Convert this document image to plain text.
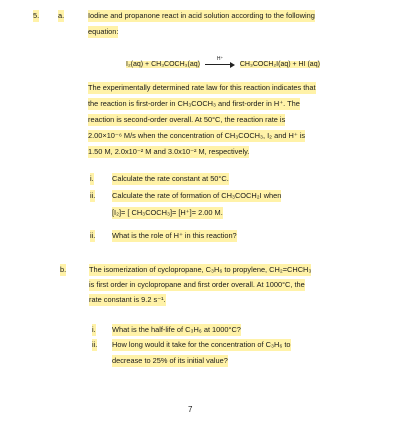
5.	a.	Iodine and propanone react in acid solution according to the following
equation:
I₂(aq) + CH₃COCH₃(aq)
H⁺
CH₃COCH₂I(aq) + HI (aq)
The experimentally determined rate law for this reaction indicates that
the reaction is first-order in CH₃COCH₃ and first-order in H⁺. The
reaction is second-order overall. At 50°C, the reaction rate is
2.00×10⁻⁶ M/s when the concentration of CH₃COCH₃, I₂ and H⁺ is
1.50 M, 2.0x10⁻² M and 3.0x10⁻² M, respectively.
i. Calculate the rate constant at 50°C.
ii. Calculate the rate of formation of CH₃COCH₂I when
[I₂]= [ CH₃COCH₃]= [H⁺]= 2.00 M.
ii. What is the role of H⁺ in this reaction?
b.	The isomerization of cyclopropane, C₃H₆ to propylene, CH₂=CHCH₃
is first order in cyclopropane and first order overall. At 1000°C, the
rate constant is 9.2 s⁻¹.
i. What is the half-life of C₃H₆ at 1000°C?
ii. How long would it take for the concentration of C₃H₆ to
decrease to 25% of its initial value?
7
